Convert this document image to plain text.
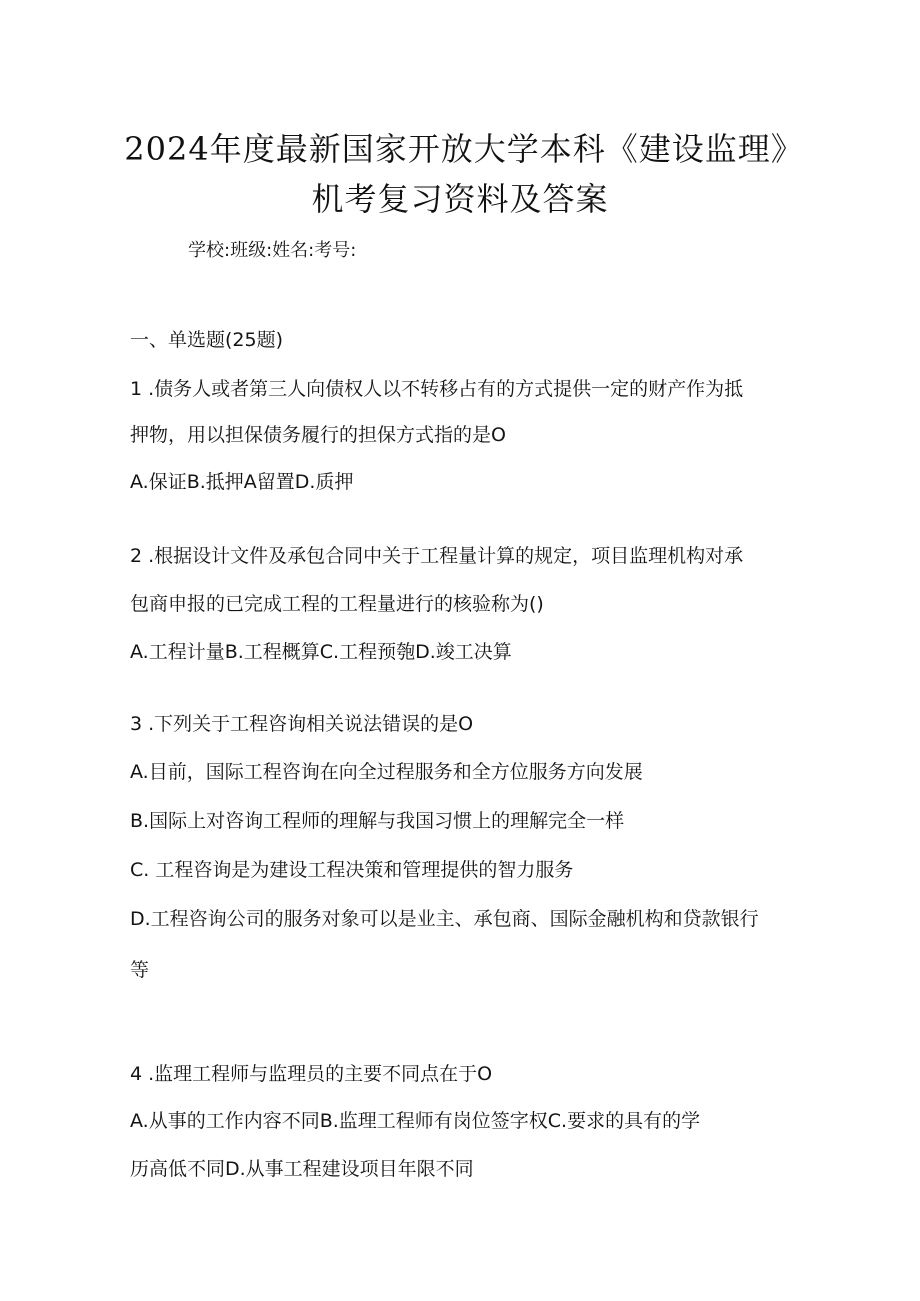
2024年度最新国家开放大学本科《建设监理》
机考复习资料及答案
学校:班级:姓名:考号:
一、单选题(25题)
1 .债务人或者第三人向债权人以不转移占有的方式提供一定的财产作为抵
押物，用以担保债务履行的担保方式指的是O
A.保证B.抵押A留置D.质押
2 .根据设计文件及承包合同中关于工程量计算的规定，项目监理机构对承
包商申报的已完成工程的工程量进行的核验称为()
A.工程计量B.工程概算C.工程预匏D.竣工决算
3 .下列关于工程咨询相关说法错误的是O
A.目前，国际工程咨询在向全过程服务和全方位服务方向发展
B.国际上对咨询工程师的理解与我国习惯上的理解完全一样
C. 工程咨询是为建设工程决策和管理提供的智力服务
D.工程咨询公司的服务对象可以是业主、承包商、国际金融机构和贷款银行
等
4 .监理工程师与监理员的主要不同点在于O
A.从事的工作内容不同B.监理工程师有岗位签字权C.要求的具有的学
历高低不同D.从事工程建设项目年限不同
